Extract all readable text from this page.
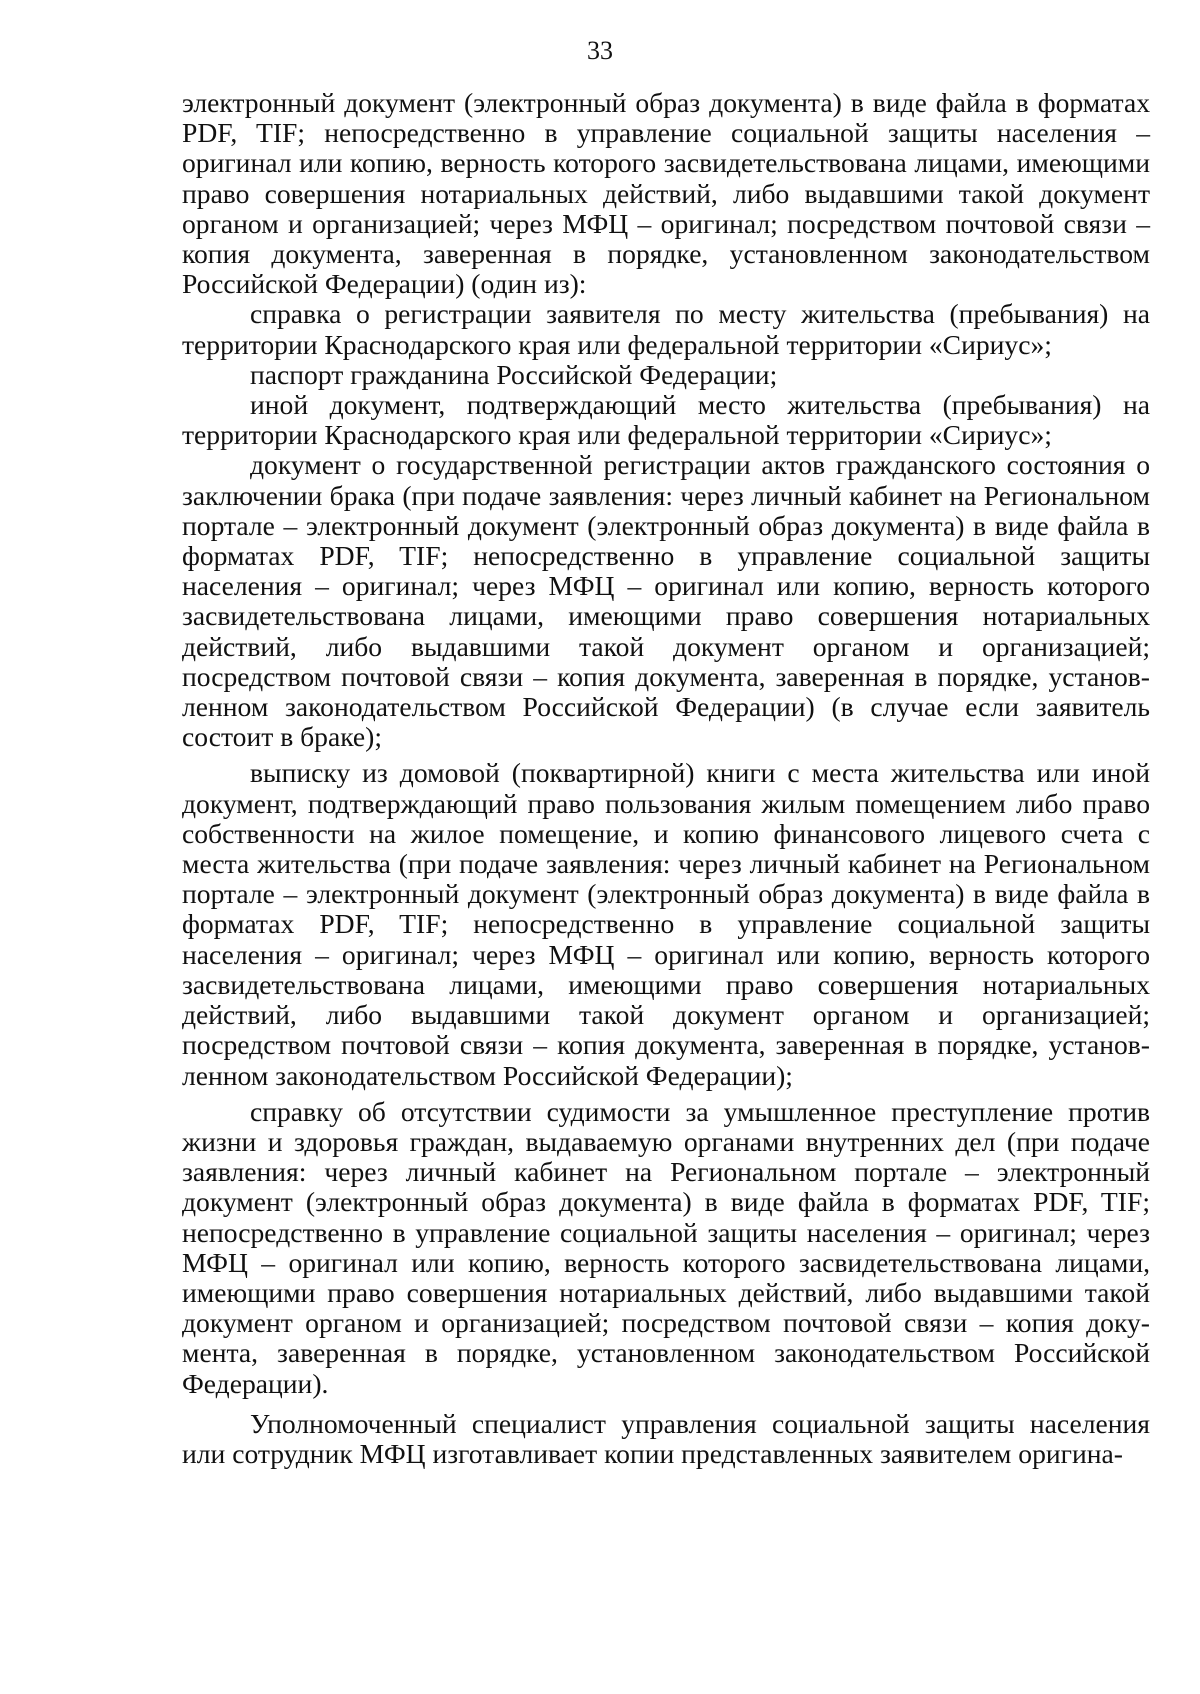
33

электронный документ (электронный образ документа) в виде файла в форматах PDF, TIF; непосредственно в управление социальной защиты населения – оригинал или копию, верность которого засвидетельствована лицами, имеющими право совершения нотариальных действий, либо выдавшими такой документ органом и организацией; через МФЦ – оригинал; посредством почтовой связи – копия документа, заверенная в порядке, установленном законодательством Российской Федерации) (один из):

справка о регистрации заявителя по месту жительства (пребывания) на территории Краснодарского края или федеральной территории «Сириус»;

паспорт гражданина Российской Федерации;

иной документ, подтверждающий место жительства (пребывания) на территории Краснодарского края или федеральной территории «Сириус»;

документ о государственной регистрации актов гражданского состояния о заключении брака (при подаче заявления: через личный кабинет на Региональном портале – электронный документ (электронный образ документа) в виде файла в форматах PDF, TIF; непосредственно в управление социальной защиты населения – оригинал; через МФЦ – оригинал или копию, верность которого засвидетельствована лицами, имеющими право совершения нотариальных действий, либо выдавшими такой документ органом и организацией; посредством почтовой связи – копия документа, заверенная в порядке, установленном законодательством Российской Федерации) (в случае если заявитель состоит в браке);

выписку из домовой (поквартирной) книги с места жительства или иной документ, подтверждающий право пользования жилым помещением либо право собственности на жилое помещение, и копию финансового лицевого счета с места жительства (при подаче заявления: через личный кабинет на Региональном портале – электронный документ (электронный образ документа) в виде файла в форматах PDF, TIF; непосредственно в управление социальной защиты населения – оригинал; через МФЦ – оригинал или копию, верность которого засвидетельствована лицами, имеющими право совершения нотариальных действий, либо выдавшими такой документ органом и организацией; посредством почтовой связи – копия документа, заверенная в порядке, установленном законодательством Российской Федерации);

справку об отсутствии судимости за умышленное преступление против жизни и здоровья граждан, выдаваемую органами внутренних дел (при подаче заявления: через личный кабинет на Региональном портале – электронный документ (электронный образ документа) в виде файла в форматах PDF, TIF; непосредственно в управление социальной защиты населения – оригинал; через МФЦ – оригинал или копию, верность которого засвидетельствована лицами, имеющими право совершения нотариальных действий, либо выдавшими такой документ органом и организацией; посредством почтовой связи – копия документа, заверенная в порядке, установленном законодательством Российской Федерации).

Уполномоченный специалист управления социальной защиты населения или сотрудник МФЦ изготавливает копии представленных заявителем оригина-
